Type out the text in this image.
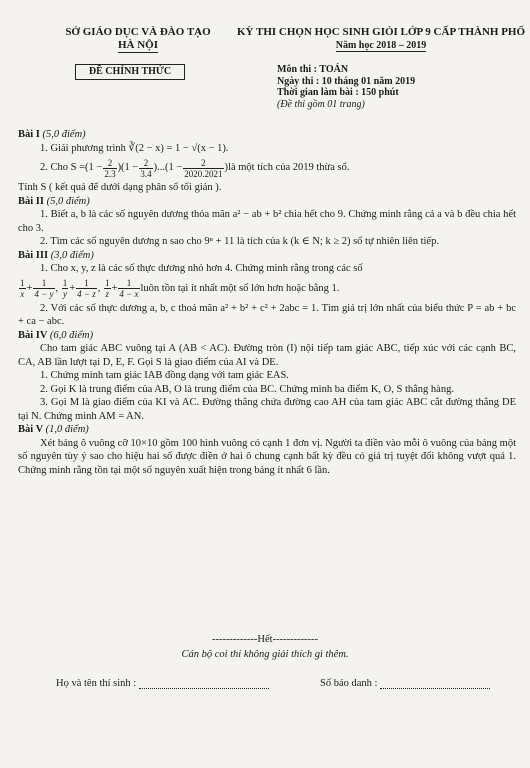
SỞ GIÁO DỤC VÀ ĐÀO TẠO
HÀ NỘI
KỲ THI CHỌN HỌC SINH GIỎI LỚP 9 CẤP THÀNH PHỐ
Năm học 2018 – 2019
ĐỀ CHÍNH THỨC	Môn thi : TOÁN
Ngày thi : 10 tháng 01 năm 2019
Thời gian làm bài : 150 phút
(Đề thi gồm 01 trang)
Bài I (5,0 điểm)
1. Giải phương trình ∛(2 − x) = 1 − √(x − 1).
2. Cho $S = (1 - \frac{2}{2.3} )(1 - \frac{2}{3.4} )...(1 - \frac{2}{2020.2021}$ ) là một tích của 2019 thừa số.
Tính S ( kết quả để dưới dạng phân số tối giản ).
Bài II (5,0 điểm)
1. Biết a, b là các số nguyên dương thỏa mãn a² − ab + b² chia hết cho 9. Chứng minh rằng cả a và b đều chia hết cho 3.
2. Tìm các số nguyên dương n sao cho 9ⁿ + 11 là tích của k (k ∈ N; k ≥ 2) số tự nhiên liên tiếp.
Bài III (3,0 điểm)
1. Cho x, y, z là các số thực dương nhỏ hơn 4. Chứng minh rằng trong các số
$\frac{1}{x} + \frac{1}{4 - y}$ , $\frac{1}{y} + \frac{1}{4 - z}$ , $\frac{1}{z} + \frac{1}{4 - x}$ luôn tồn tại ít nhất một số lớn hơn hoặc bằng 1.
2. Với các số thực dương a, b, c thoả mãn a² + b² + c² + 2abc = 1. Tìm giá trị lớn nhất của biểu thức P = ab + bc + ca − abc.
Bài IV (6,0 điểm)
Cho tam giác ABC vuông tại A (AB < AC). Đường tròn (I) nội tiếp tam giác ABC, tiếp xúc với các cạnh BC, CA, AB lần lượt tại D, E, F. Gọi S là giao điểm của AI và DE.
1. Chứng minh tam giác IAB đồng dạng với tam giác EAS.
2. Gọi K là trung điểm của AB, O là trung điểm của BC. Chứng minh ba điểm K, O, S thẳng hàng.
3. Gọi M là giao điểm của KI và AC. Đường thẳng chứa đường cao AH của tam giác ABC cắt đường thẳng DE tại N. Chứng minh AM = AN.
Bài V (1,0 điểm)
Xét bảng ô vuông cỡ 10×10 gồm 100 hình vuông có cạnh 1 đơn vị. Người ta điền vào mỗi ô vuông của bảng một số nguyên tùy ý sao cho hiệu hai số được điền ở hai ô chung cạnh bất kỳ đều có giá trị tuyệt đối không vượt quá 1. Chứng minh rằng tồn tại một số nguyên xuất hiện trong bảng ít nhất 6 lần.
-------------Hết-------------
Cán bộ coi thi không giải thích gì thêm.
Họ và tên thí sinh :	Số báo danh :
